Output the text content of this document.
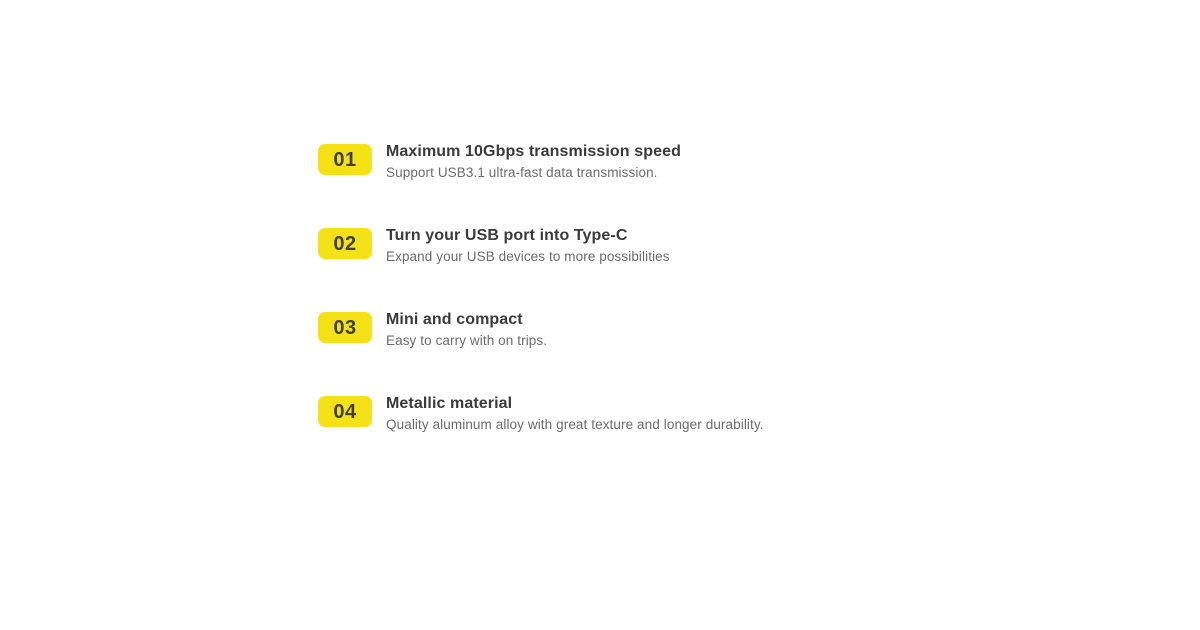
01	Maximum 10Gbps transmission speed
Support USB3.1 ultra-fast data transmission.
02	Turn your USB port into Type-C
Expand your USB devices to more possibilities
03	Mini and compact
Easy to carry with on trips.
04	Metallic material
Quality aluminum alloy with great texture and longer durability.
